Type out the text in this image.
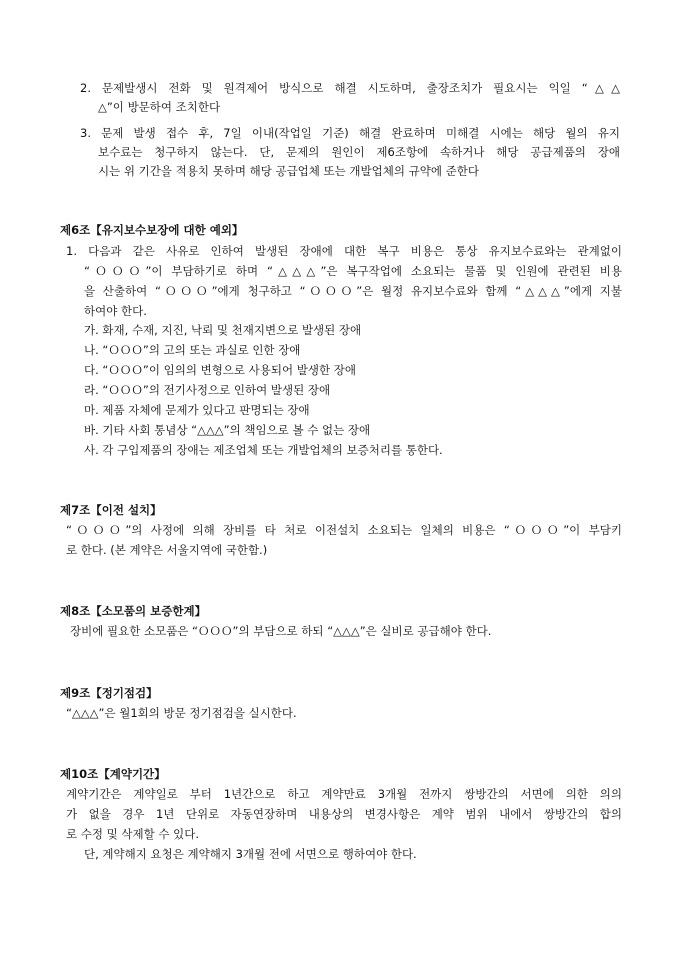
2. 문제발생시 전화 및 원격제어 방식으로 해결 시도하며, 출장조치가 필요시는 익일 “△△
△”이 방문하여 조치한다
3. 문제 발생 접수 후, 7일 이내(작업일 기준) 해결 완료하며 미해결 시에는 해당 월의 유지
보수료는 청구하지 않는다. 단, 문제의 원인이 제6조항에 속하거나 해당 공급제품의 장애
시는 위 기간을 적용치 못하며 해당 공급업체 또는 개발업체의 규약에 준한다
제6조【유지보수보장에 대한 예외】
1. 다음과 같은 사유로 인하여 발생된 장애에 대한 복구 비용은 통상 유지보수료와는 관계없이
“ＯＯＯ”이 부담하기로 하며 “△△△”은 복구작업에 소요되는 물품 및 인원에 관련된 비용
을 산출하여 “ＯＯＯ”에게 청구하고 “ＯＯＯ”은 월정 유지보수료와 함께 “△△△”에게 지불
하여야 한다.
가. 화재, 수재, 지진, 낙뢰 및 천재지변으로 발생된 장애
나. “ＯＯＯ”의 고의 또는 과실로 인한 장애
다. “ＯＯＯ”이 임의의 변형으로 사용되어 발생한 장애
라. “ＯＯＯ”의 전기사정으로 인하여 발생된 장애
마. 제품 자체에 문제가 있다고 판명되는 장애
바. 기타 사회 통념상 “△△△”의 책임으로 볼 수 없는 장애
사. 각 구입제품의 장애는 제조업체 또는 개발업체의 보증처리를 통한다.
제7조【이전 설치】
“ＯＯＯ”의 사정에 의해 장비를 타 처로 이전설치 소요되는 일체의 비용은 “ＯＯＯ”이 부담키
로 한다. (본 계약은 서울지역에 국한함.)
제8조【소모품의 보증한계】
장비에 필요한 소모품은 “ＯＯＯ”의 부담으로 하되 “△△△”은 실비로 공급해야 한다.
제9조【정기점검】
“△△△”은 월1회의 방문 정기점검을 실시한다.
제10조【계약기간】
계약기간은 계약일로 부터 1년간으로 하고 계약만료 3개월 전까지 쌍방간의 서면에 의한 의의
가 없을 경우 1년 단위로 자동연장하며 내용상의 변경사항은 계약 범위 내에서 쌍방간의 합의
로 수정 및 삭제할 수 있다.
단, 계약해지 요청은 계약해지 3개월 전에 서면으로 행하여야 한다.
